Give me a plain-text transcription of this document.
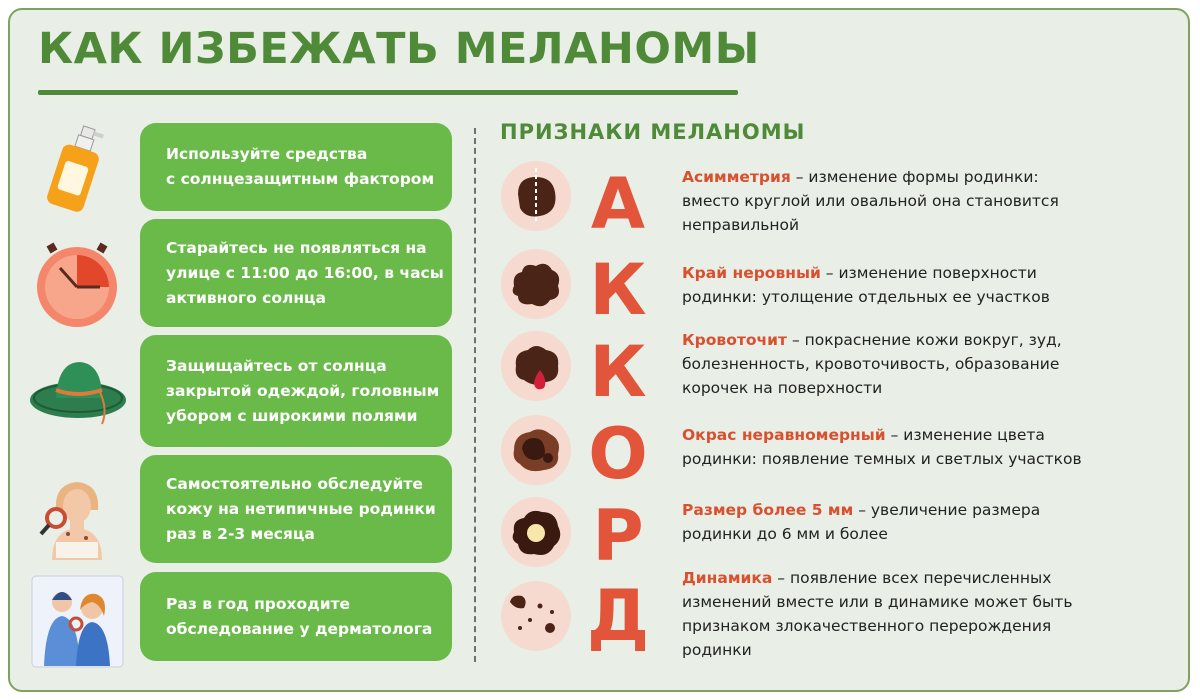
КАК ИЗБЕЖАТЬ МЕЛАНОМЫ
Используйте средства
с солнцезащитным фактором
Старайтесь не появляться на
улице с 11:00 до 16:00, в часы
активного солнца
Защищайтесь от солнца
закрытой одеждой, головным
убором с широкими полями
Самостоятельно обследуйте
кожу на нетипичные родинки
раз в 2-3 месяца
Раз в год проходите
обследование у дерматолога
ПРИЗНАКИ МЕЛАНОМЫ
А	Асимметрия – изменение формы родинки:
вместо круглой или овальной она становится
неправильной
К	Край неровный – изменение поверхности
родинки: утолщение отдельных ее участков
К	Кровоточит – покраснение кожи вокруг, зуд,
болезненность, кровоточивость, образование
корочек на поверхности
О	Окрас неравномерный – изменение цвета
родинки: появление темных и светлых участков
Р	Размер более 5 мм – увеличение размера
родинки до 6 мм и более
Д	Динамика – появление всех перечисленных
изменений вместе или в динамике может быть
признаком злокачественного перерождения
родинки
